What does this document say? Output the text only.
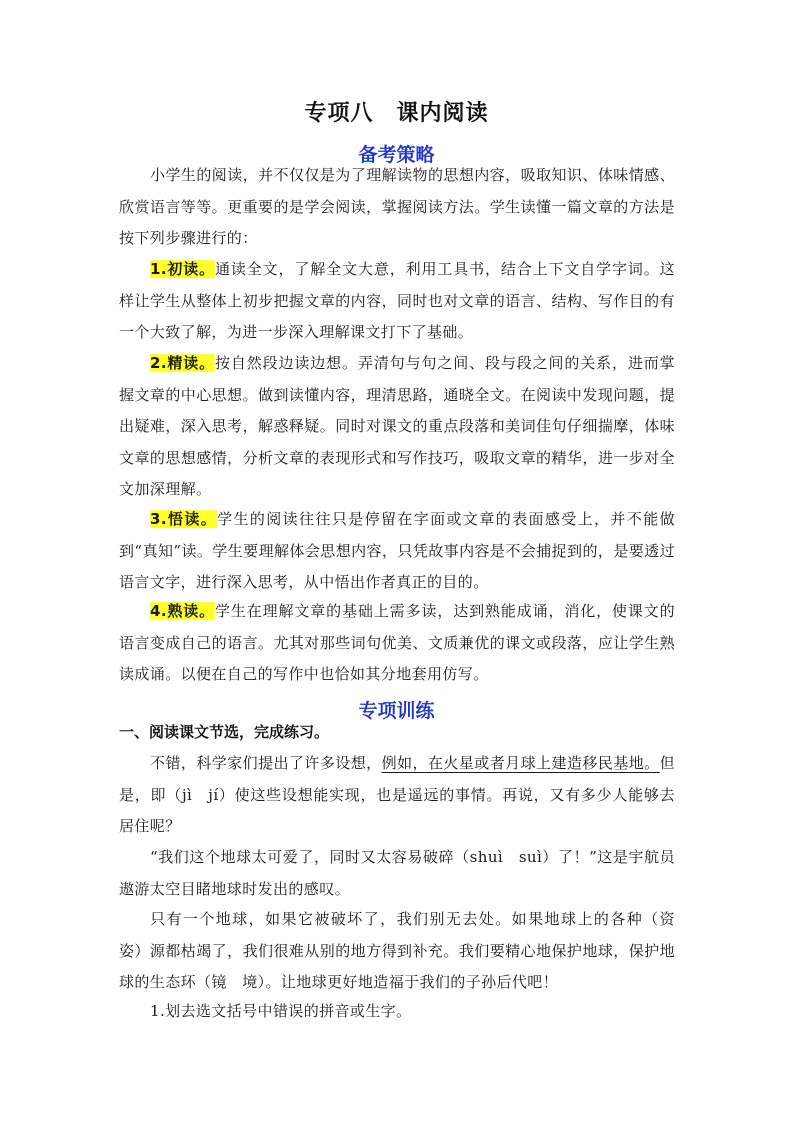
专项八　课内阅读
备考策略
小学生的阅读，并不仅仅是为了理解读物的思想内容，吸取知识、体味情感、欣赏语言等等。更重要的是学会阅读，掌握阅读方法。学生读懂一篇文章的方法是按下列步骤进行的：
1.初读。通读全文，了解全文大意，利用工具书，结合上下文自学字词。这样让学生从整体上初步把握文章的内容，同时也对文章的语言、结构、写作目的有一个大致了解，为进一步深入理解课文打下了基础。
2.精读。按自然段边读边想。弄清句与句之间、段与段之间的关系，进而掌握文章的中心思想。做到读懂内容，理清思路，通晓全文。在阅读中发现问题，提出疑难，深入思考，解惑释疑。同时对课文的重点段落和美词佳句仔细揣摩，体味文章的思想感情，分析文章的表现形式和写作技巧，吸取文章的精华，进一步对全文加深理解。
3.悟读。学生的阅读往往只是停留在字面或文章的表面感受上，并不能做到“真知”读。学生要理解体会思想内容，只凭故事内容是不会捕捉到的，是要透过语言文字，进行深入思考，从中悟出作者真正的目的。
4.熟读。学生在理解文章的基础上需多读，达到熟能成诵，消化，使课文的语言变成自己的语言。尤其对那些词句优美、文质兼优的课文或段落，应让学生熟读成诵。以便在自己的写作中也恰如其分地套用仿写。
专项训练
一、阅读课文节选，完成练习。
不错，科学家们提出了许多设想，例如，在火星或者月球上建造移民基地。但是，即（jì　jí）使这些设想能实现，也是遥远的事情。再说，又有多少人能够去居住呢？
“我们这个地球太可爱了，同时又太容易破碎（shuì　suì）了！”这是宇航员遨游太空目睹地球时发出的感叹。
只有一个地球，如果它被破坏了，我们别无去处。如果地球上的各种（资　姿）源都枯竭了，我们很难从别的地方得到补充。我们要精心地保护地球，保护地球的生态环（镜　境）。让地球更好地造福于我们的子孙后代吧！
1.划去选文括号中错误的拼音或生字。
